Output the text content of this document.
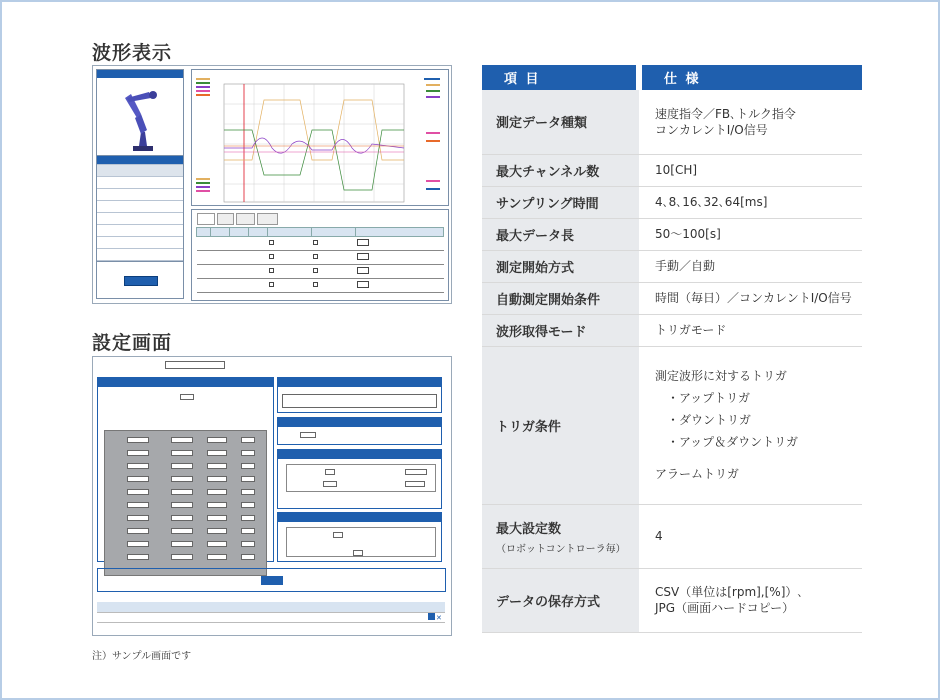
波形表示

設定画面

			✕
注）サンプル画面です
項 目	仕 様
測定データ種類	速度指令／FB､トルク指令
コンカレントI/O信号

最大チャンネル数	10[CH]
サンプリング時間	4､8､16､32､64[ms]
最大データ長	50〜100[s]
測定開始方式	手動／自動
自動測定開始条件	時間（毎日）／コンカレントI/O信号
波形取得モード	トリガモード
トリガ条件	測定波形に対するトリガ
・アップトリガ
・ダウントリガ
・アップ＆ダウントリガ
アラームトリガ

最大設定数
（ロボットコントローラ毎）	4
データの保存方式	CSV（単位は[rpm],[%]）､
JPG（画面ハードコピー）
